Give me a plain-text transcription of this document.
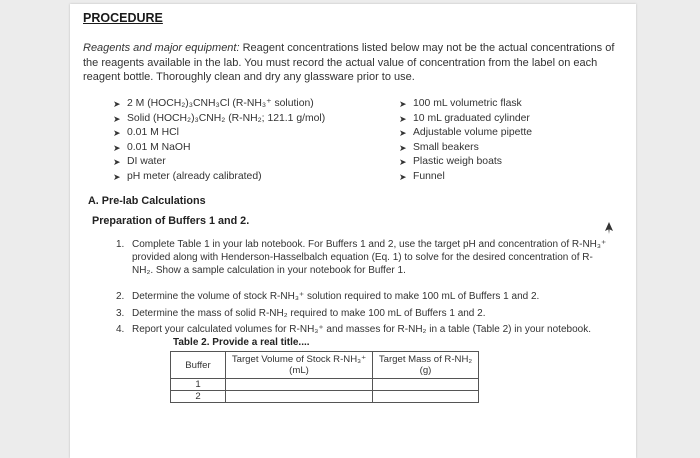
PROCEDURE
Reagents and major equipment: Reagent concentrations listed below may not be the actual concentrations of the reagents available in the lab. You must record the actual value of concentration from the label on each reagent bottle. Thoroughly clean and dry any glassware prior to use.
➤ 2 M (HOCH₂)₃CNH₃Cl (R-NH₃⁺ solution)
➤ Solid (HOCH₂)₃CNH₂ (R-NH₂; 121.1 g/mol)
➤ 0.01 M HCl
➤ 0.01 M NaOH
➤ DI water
➤ pH meter (already calibrated)
➤ 100 mL volumetric flask
➤ 10 mL graduated cylinder
➤ Adjustable volume pipette
➤ Small beakers
➤ Plastic weigh boats
➤ Funnel
A. Pre-lab Calculations
Preparation of Buffers 1 and 2.
1. Complete Table 1 in your lab notebook. For Buffers 1 and 2, use the target pH and concentration of R-NH₃⁺ provided along with Henderson-Hasselbalch equation (Eq. 1) to solve for the desired concentration of R-NH₂. Show a sample calculation in your notebook for Buffer 1.
2. Determine the volume of stock R-NH₃⁺ solution required to make 100 mL of Buffers 1 and 2.
3. Determine the mass of solid R-NH₂ required to make 100 mL of Buffers 1 and 2.
4. Report your calculated volumes for R-NH₃⁺ and masses for R-NH₂ in a table (Table 2) in your notebook.
Table 2. Provide a real title....
Buffer	Target Volume of Stock R-NH₃⁺ (mL)	Target Mass of R-NH₂ (g)
1		
2		
